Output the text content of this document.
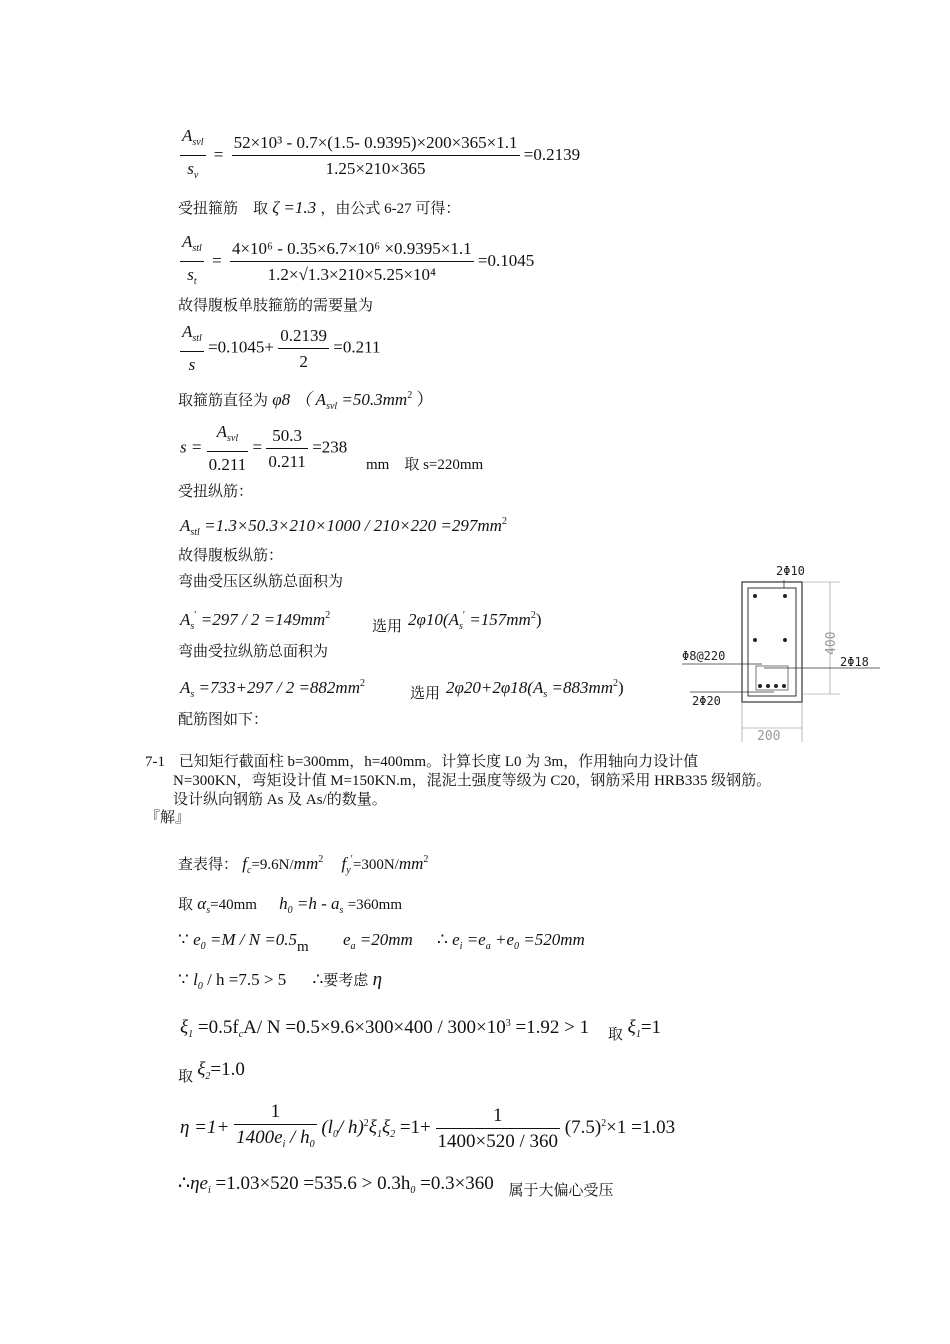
$\frac{A_{svl}}{s_v} = \frac{\text{52×10³ - 0.7×(1.5- 0.9395)×200×365×1.1}}{1.25\times 210\times 365} =0.2139$
受扭箍筋　取 ζ =1.3 ，由公式 6-27 可得：
$\frac{A_{stl}}{s_t} = \frac{\text{4×10⁶ - 0.35×6.7×10⁶ ×0.9395×1.1}}{\text{1.2×√1.3×210×5.25×10⁴}} =0.1045$
故得腹板单肢箍筋的需要量为
$\frac{A_{stl}}{s} =0.1045+ \frac{0.2139}{2} =0.211$
取箍筋直径为 φ8 （ $A_{svl} =50.3mm^2$ ）
$s = \frac{A_{svl}}{0.211} = \frac{50.3}{0.211} =238$
mm　取 s=220mm
受扭纵筋：
$A_{stl} =1.3\times 50.3\times 210\times 1000 / 210\times 220 =297mm^2$
故得腹板纵筋：
弯曲受压区纵筋总面积为
$A_s' =297 / 2 =149mm^2$
选用 $2\varphi 10(A_s' =157mm^2)$
弯曲受拉纵筋总面积为
$A_s =733+297 / 2 =882mm^2$
选用 $2\varphi 20+2\varphi 18(A_s =883mm^2)$
配筋图如下：
2Φ10
400
Φ8@220	2Φ18
2Φ20
200
7-1 已知矩行截面柱 b=300mm，h=400mm。计算长度 L0 为 3m，作用轴向力设计值
N=300KN，弯矩设计值 M=150KN.m，混泥土强度等级为 C20，钢筋采用 HRB335 级钢筋。
设计纵向钢筋 As 及 As/的数量。
『解』
查表得： $f_c=9.6N/mm^2$ $f_y'=300N/mm^2$
取 $\alpha_s=40mm$ $h_0 =h - a_s =360mm$
∵ $e_0 =M / N =0.5m$ $e_a =20mm$ ∴ $e_i =e_a +e_0 =520mm$
∵ $l_0 / h =7.5 > 5$ ∴要考虑 η
$\xi_1 =0.5f_cA/$ $N =0.5\times 9.6\times 300\times 400 / 300\times 10^3 =1.92 > 1$ $_取$ $\xi_1=1$
取 $\xi_2=1.0$
$\eta =1+ \frac{1}{1400e_i / h_0} (l_0/$ $h)^2\xi_1\xi_2 =1+ \frac{1}{1400\times 520 / 360} (7.5)^2\times 1 =1.03$
$\therefore\eta e_i =1.03\times 520 =535.6 > 0.3h_0 =0.3\times 360$ $_{属于大偏心受压}$
